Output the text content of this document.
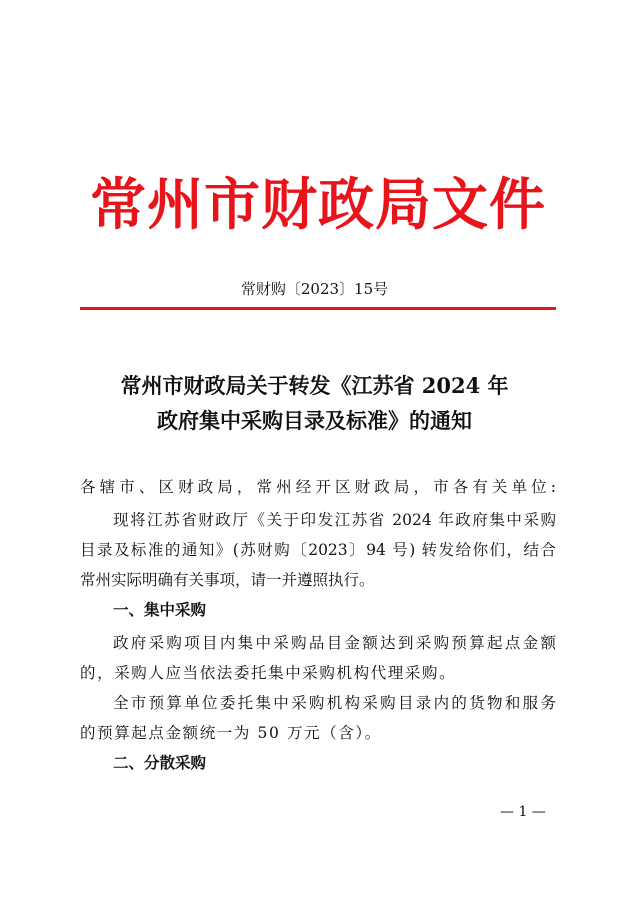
常州市财政局文件
常财购〔2023〕15号
常州市财政局关于转发《江苏省 2024 年
政府集中采购目录及标准》的通知
各辖市、区财政局，常州经开区财政局，市各有关单位:
现将江苏省财政厅《关于印发江苏省 2024 年政府集中采购
目录及标准的通知》(苏财购〔2023〕94 号) 转发给你们，结合
常州实际明确有关事项，请一并遵照执行。
一、集中采购
政府采购项目内集中采购品目金额达到采购预算起点金额
的，采购人应当依法委托集中采购机构代理采购。
全市预算单位委托集中采购机构采购目录内的货物和服务
的预算起点金额统一为 50 万元（含）。
二、分散采购
— 1 —
